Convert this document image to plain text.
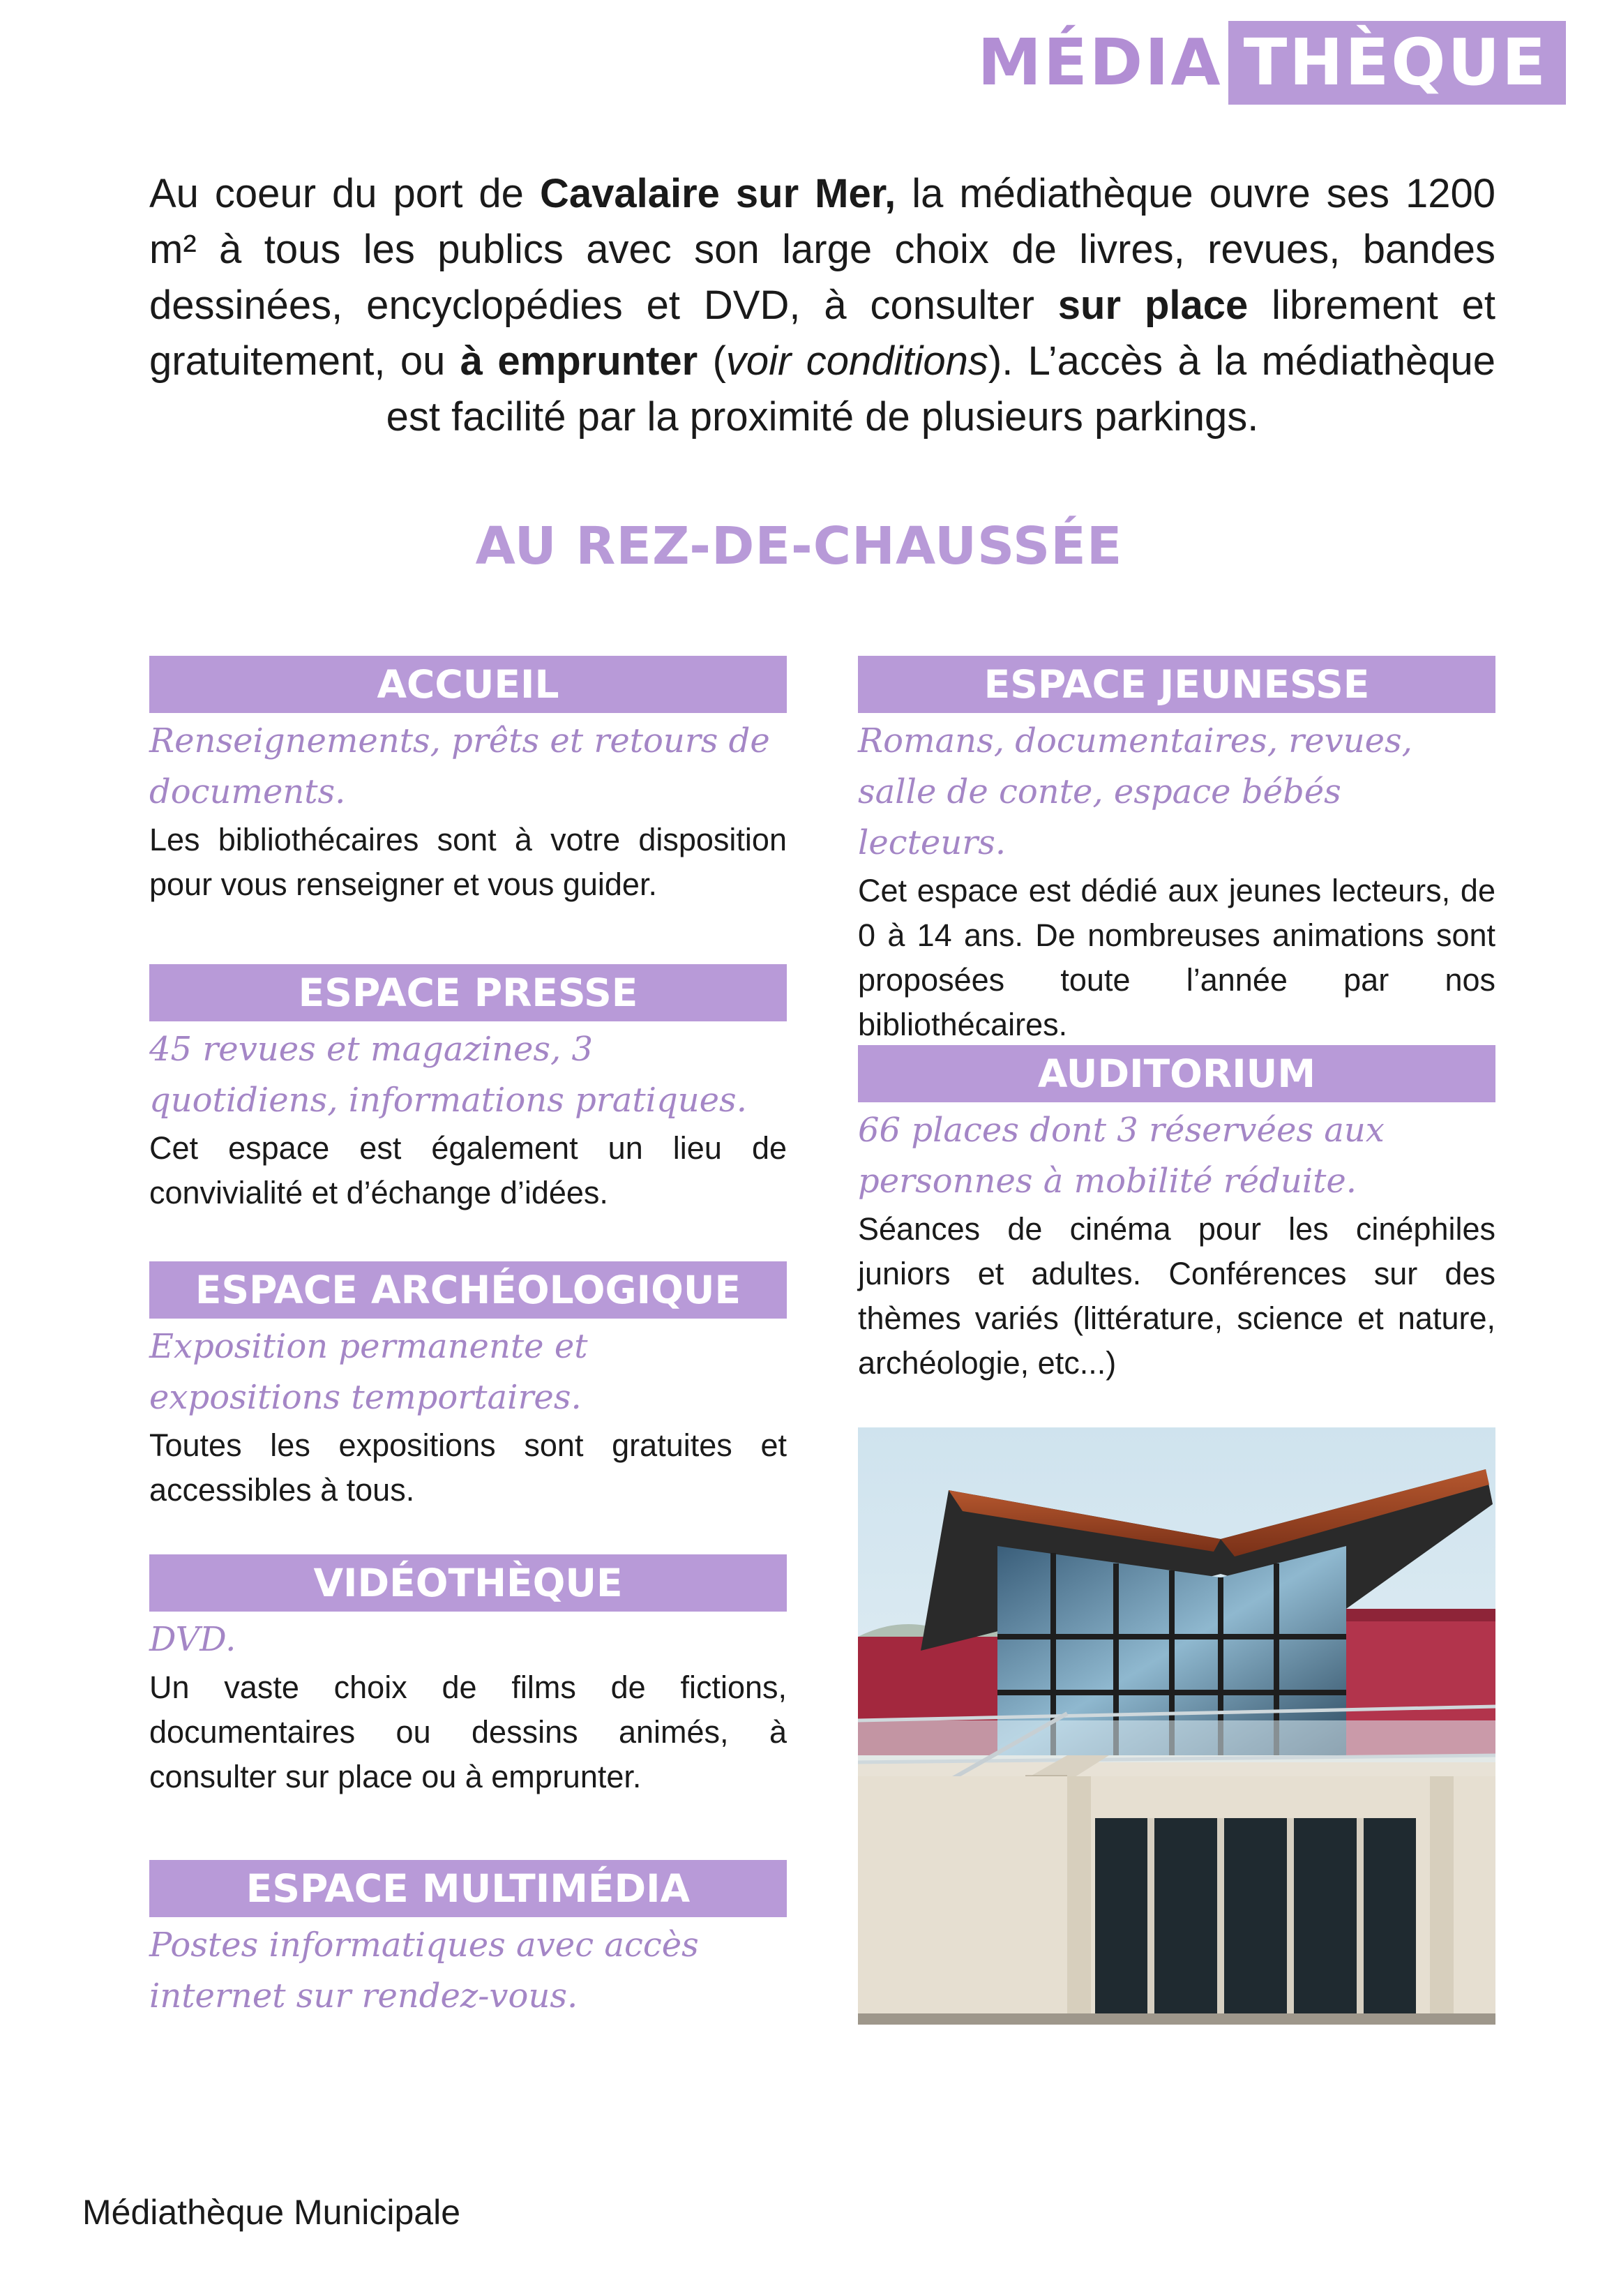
MÉDIA THÈQUE

Au coeur du port de Cavalaire sur Mer, la médiathèque ouvre ses 1200 m² à tous les publics avec son large choix de livres, revues, bandes dessinées, encyclopédies et DVD, à consulter sur place librement et gratuitement, ou à emprunter (voir conditions). L’accès à la médiathèque est facilité par la proximité de plusieurs parkings.

AU REZ-DE-CHAUSSÉE
ACCUEIL
Renseignements, prêts et retours de documents.
Les bibliothécaires sont à votre disposition pour vous renseigner et vous guider.
ESPACE PRESSE
45 revues et magazines, 3 quotidiens, informations pratiques.
Cet espace est également un lieu de convivialité et d’échange d’idées.
ESPACE ARCHÉOLOGIQUE
Exposition permanente et expositions temportaires.
Toutes les expositions sont gratuites et accessibles à tous.
VIDÉOTHÈQUE
DVD.
Un vaste choix de films de fictions, documentaires ou dessins animés, à consulter sur place ou à emprunter.
ESPACE MULTIMÉDIA
Postes informatiques avec accès internet sur rendez-vous.
ESPACE JEUNESSE
Romans, documentaires, revues, salle de conte, espace bébés lecteurs.
Cet espace est dédié aux jeunes lecteurs, de 0 à 14 ans. De nombreuses animations sont proposées toute l’année par nos bibliothécaires.
AUDITORIUM
66 places dont 3 réservées aux personnes à mobilité réduite.
Séances de cinéma pour les cinéphiles juniors et adultes. Conférences sur des thèmes variés (littérature, science et nature, archéologie, etc...)
Médiathèque Municipale
